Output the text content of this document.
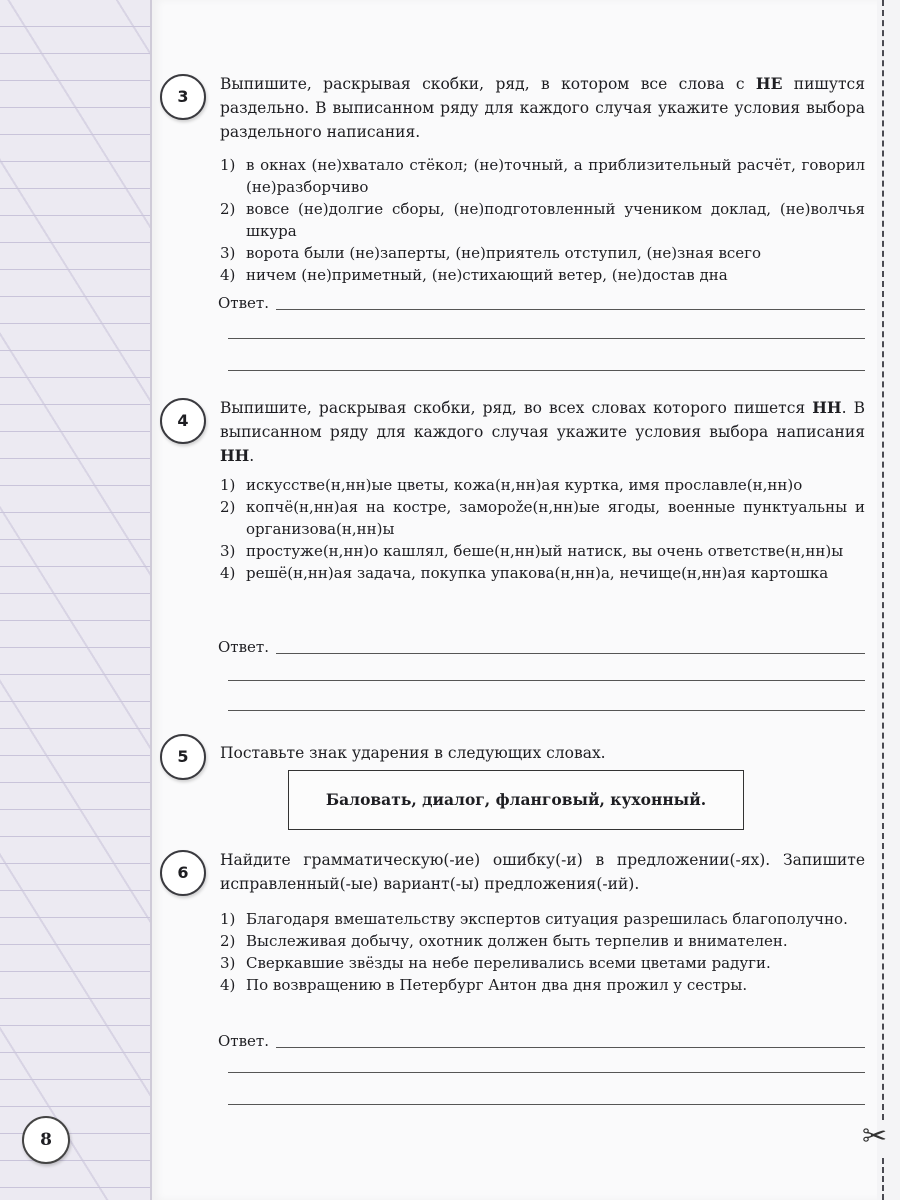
✂
3

Выпишите, раскрывая скобки, ряд, в котором все слова с НЕ пишутся раздельно. В выписанном ряду для каждого случая укажите условия выбора раздельного написания.

1) в окнах (не)хватало стёкол; (не)точный, а приблизительный расчёт, говорил (не)разборчиво
2) вовсе (не)долгие сборы, (не)подготовленный учеником доклад, (не)волчья шкура
3) ворота были (не)заперты, (не)приятель отступил, (не)зная всего
4) ничем (не)приметный, (не)стихающий ветер, (не)достав дна
Ответ.
4

Выпишите, раскрывая скобки, ряд, во всех словах которого пишется НН. В выписанном ряду для каждого случая укажите условия выбора написания НН.

1) искусстве(н,нн)ые цветы, кожа(н,нн)ая куртка, имя прославле(н,нн)о
2) копчё(н,нн)ая на костре, заморože(н,нн)ые ягоды, военные пунктуальны и организова(н,нн)ы
3) простуже(н,нн)о кашлял, беше(н,нн)ый натиск, вы очень ответстве(н,нн)ы
4) решё(н,нн)ая задача, покупка упакова(н,нн)а, нечище(н,нн)ая картошка
Ответ.
5	Поставьте знак ударения в следующих словах.

Баловать, диалог, фланговый, кухонный.
6

Найдите грамматическую(-ие) ошибку(-и) в предложении(-ях). Запишите исправленный(-ые) вариант(-ы) предложения(-ий).

1) Благодаря вмешательству экспертов ситуация разрешилась благополучно.
2) Выслеживая добычу, охотник должен быть терпелив и внимателен.
3) Сверкавшие звёзды на небе переливались всеми цветами радуги.
4) По возвращению в Петербург Антон два дня прожил у сестры.
Ответ.
8
